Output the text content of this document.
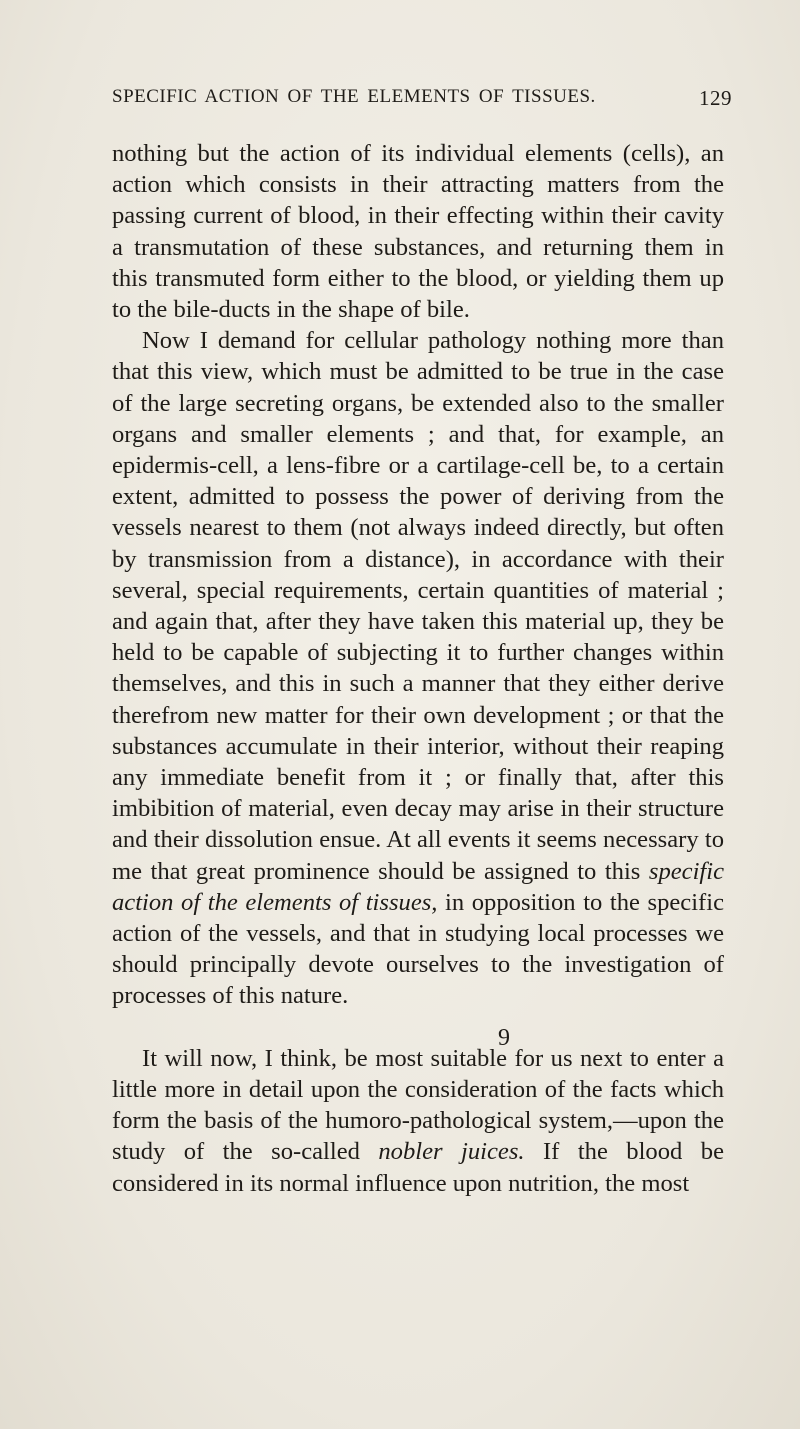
SPECIFIC ACTION OF THE ELEMENTS OF TISSUES.	129

nothing but the action of its individual elements (cells), an action which consists in their attracting matters from the passing current of blood, in their effecting within their cavity a transmutation of these substances, and returning them in this transmuted form either to the blood, or yielding them up to the bile-ducts in the shape of bile.

Now I demand for cellular pathology nothing more than that this view, which must be admitted to be true in the case of the large secreting organs, be extended also to the smaller organs and smaller elements ; and that, for example, an epidermis-cell, a lens-fibre or a cartilage-cell be, to a certain extent, admitted to possess the power of deriving from the vessels nearest to them (not always indeed directly, but often by transmission from a distance), in accordance with their several, special requirements, certain quantities of material ; and again that, after they have taken this material up, they be held to be capable of subjecting it to further changes within themselves, and this in such a manner that they either derive therefrom new matter for their own development ; or that the substances accumulate in their interior, without their reaping any immediate benefit from it ; or finally that, after this imbibition of material, even decay may arise in their structure and their dissolution ensue. At all events it seems necessary to me that great prominence should be assigned to this specific action of the elements of tissues, in opposition to the specific action of the vessels, and that in studying local processes we should principally devote ourselves to the investigation of processes of this nature.

It will now, I think, be most suitable for us next to enter a little more in detail upon the consideration of the facts which form the basis of the humoro-pathological system,—upon the study of the so-called nobler juices. If the blood be considered in its normal influence upon nutrition, the most

9
